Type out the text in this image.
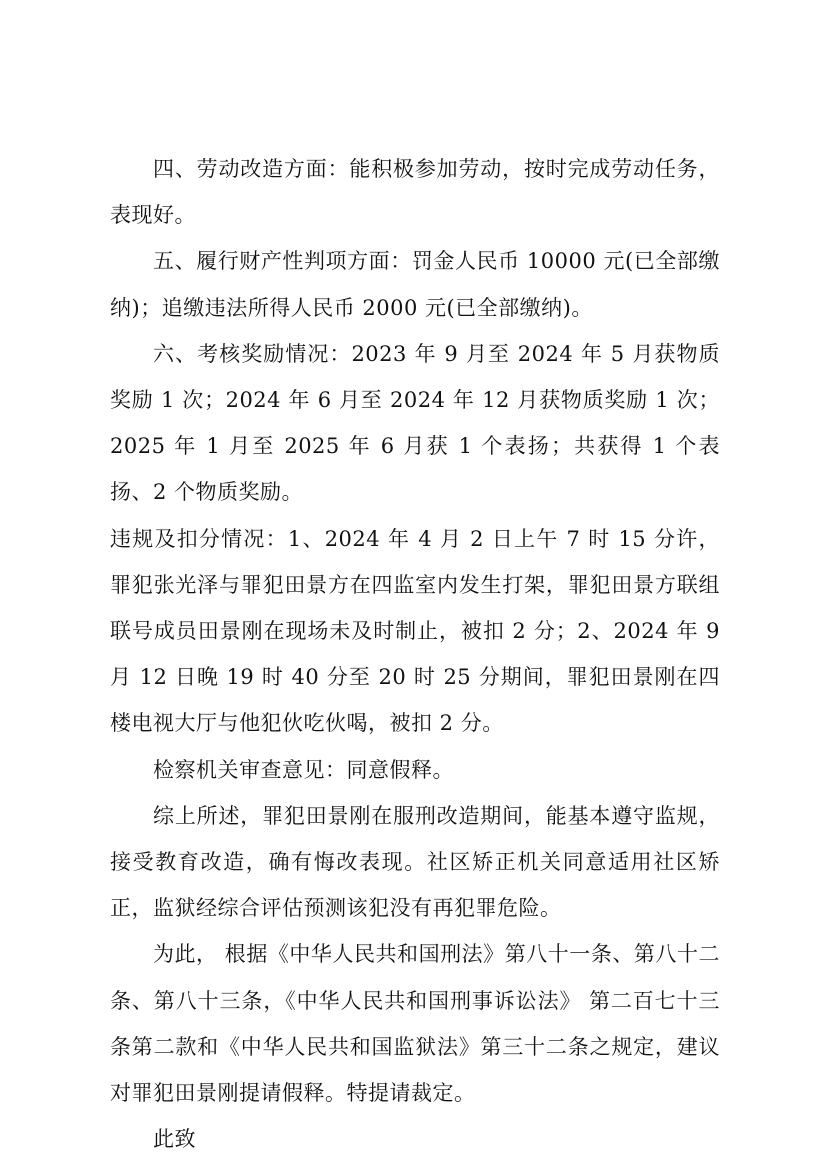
四、劳动改造方面：能积极参加劳动，按时完成劳动任务，表现好。

五、履行财产性判项方面：罚金人民币 10000 元(已全部缴纳)；追缴违法所得人民币 2000 元(已全部缴纳)。

六、考核奖励情况：2023 年 9 月至 2024 年 5 月获物质奖励 1 次；2024 年 6 月至 2024 年 12 月获物质奖励 1 次；2025 年 1 月至 2025 年 6 月获 1 个表扬；共获得 1 个表扬、2 个物质奖励。

违规及扣分情况：1、2024 年 4 月 2 日上午 7 时 15 分许，罪犯张光泽与罪犯田景方在四监室内发生打架，罪犯田景方联组联号成员田景刚在现场未及时制止，被扣 2 分；2、2024 年 9 月 12 日晚 19 时 40 分至 20 时 25 分期间，罪犯田景刚在四楼电视大厅与他犯伙吃伙喝，被扣 2 分。

检察机关审查意见：同意假释。

综上所述，罪犯田景刚在服刑改造期间，能基本遵守监规，接受教育改造，确有悔改表现。社区矫正机关同意适用社区矫正，监狱经综合评估预测该犯没有再犯罪危险。

为此， 根据《中华人民共和国刑法》第八十一条、第八十二条、第八十三条，《中华人民共和国刑事诉讼法》 第二百七十三条第二款和《中华人民共和国监狱法》第三十二条之规定，建议对罪犯田景刚提请假释。特提请裁定。

此致
